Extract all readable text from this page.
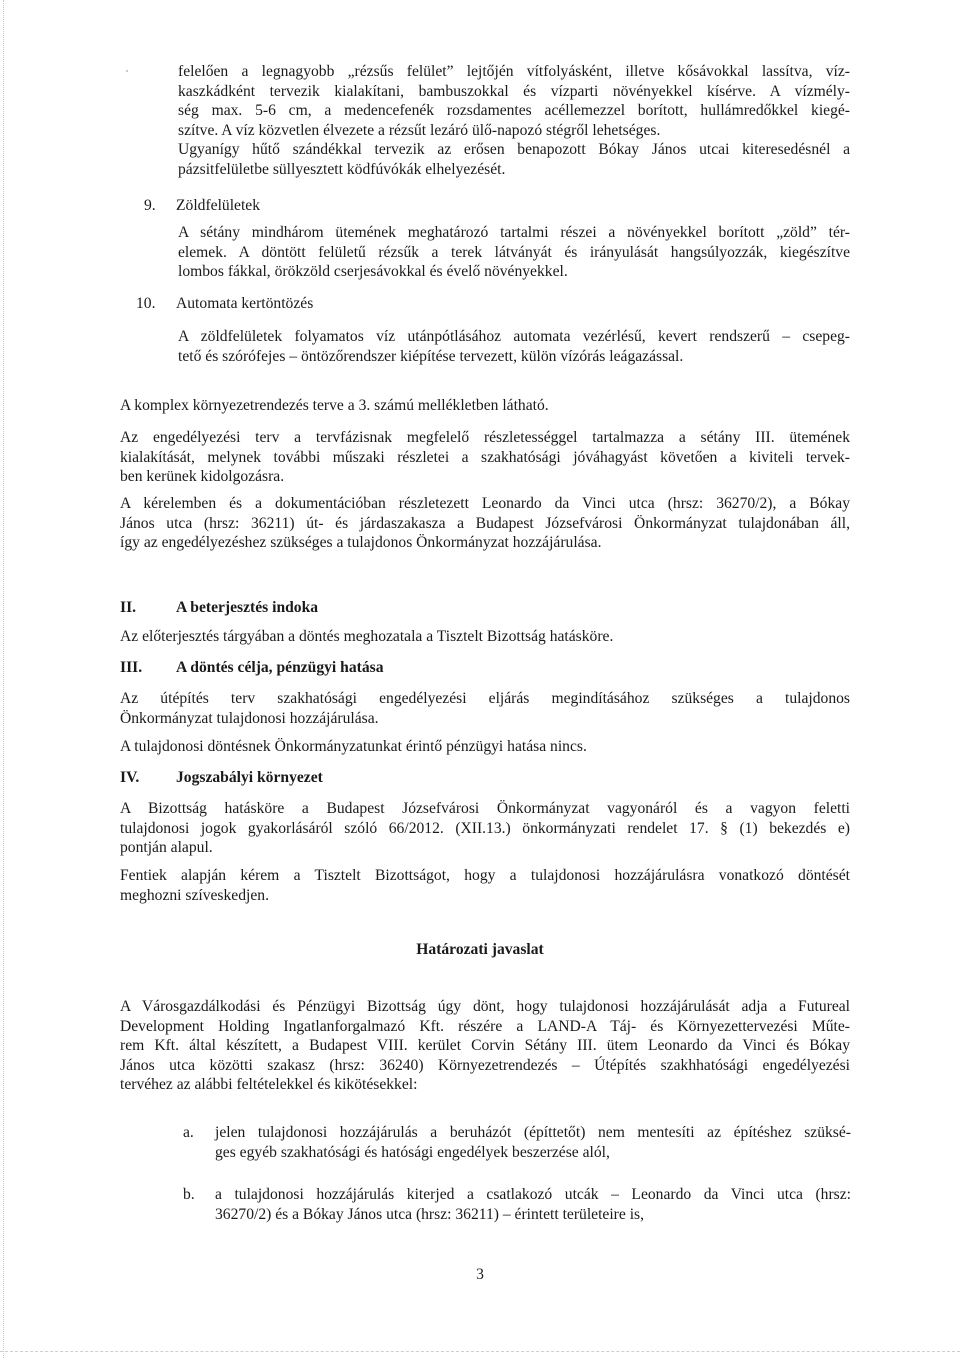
felelően a legnagyobb „rézsűs felület” lejtőjén vítfolyásként, illetve kősávokkal lassítva, víz-
kaszkádként tervezik kialakítani, bambuszokkal és vízparti növényekkel kísérve. A vízmély-
ség max. 5-6 cm, a medencefenék rozsdamentes acéllemezzel borított, hullámredőkkel kiegé-
szítve. A víz közvetlen élvezete a rézsűt lezáró ülő-napozó stégről lehetséges.
Ugyanígy hűtő szándékkal tervezik az erősen benapozott Bókay János utcai kiteresedésnél a
pázsitfelületbe süllyesztett ködfúvókák elhelyezését.
9. Zöldfelületek
A sétány mindhárom ütemének meghatározó tartalmi részei a növényekkel borított „zöld” tér-
elemek. A döntött felületű rézsűk a terek látványát és irányulását hangsúlyozzák, kiegészítve
lombos fákkal, örökzöld cserjesávokkal és évelő növényekkel.
10. Automata kertöntözés
A zöldfelületek folyamatos víz utánpótlásához automata vezérlésű, kevert rendszerű – csepeg-
tető és szórófejes – öntözőrendszer kiépítése tervezett, külön vízórás leágazással.
A komplex környezetrendezés terve a 3. számú mellékletben látható.
Az engedélyezési terv a tervfázisnak megfelelő részletességgel tartalmazza a sétány III. ütemének
kialakítását, melynek további műszaki részletei a szakhatósági jóváhagyást követően a kiviteli tervek-
ben kerünek kidolgozásra.
A kérelemben és a dokumentációban részletezett Leonardo da Vinci utca (hrsz: 36270/2), a Bókay
János utca (hrsz: 36211) út- és járdaszakasza a Budapest Józsefvárosi Önkormányzat tulajdonában áll,
így az engedélyezéshez szükséges a tulajdonos Önkormányzat hozzájárulása.
II.	A beterjesztés indoka
Az előterjesztés tárgyában a döntés meghozatala a Tisztelt Bizottság hatásköre.
III. A döntés célja, pénzügyi hatása
Az útépítés terv szakhatósági engedélyezési eljárás megindításához szükséges a tulajdonos
Önkormányzat tulajdonosi hozzájárulása.
A tulajdonosi döntésnek Önkormányzatunkat érintő pénzügyi hatása nincs.
IV. Jogszabályi környezet
A Bizottság hatásköre a Budapest Józsefvárosi Önkormányzat vagyonáról és a vagyon feletti
tulajdonosi jogok gyakorlásáról szóló 66/2012. (XII.13.) önkormányzati rendelet 17. § (1) bekezdés e)
pontján alapul.
Fentiek alapján kérem a Tisztelt Bizottságot, hogy a tulajdonosi hozzájárulásra vonatkozó döntését
meghozni szíveskedjen.
Határozati javaslat
A Városgazdálkodási és Pénzügyi Bizottság úgy dönt, hogy tulajdonosi hozzájárulását adja a Futureal
Development Holding Ingatlanforgalmazó Kft. részére a LAND-A Táj- és Környezettervezési Műte-
rem Kft. által készített, a Budapest VIII. kerület Corvin Sétány III. ütem Leonardo da Vinci és Bókay
János utca közötti szakasz (hrsz: 36240) Környezetrendezés – Útépítés szakhhatósági engedélyezési
tervéhez az alábbi feltételekkel és kikötésekkel:
a. jelen tulajdonosi hozzájárulás a beruházót (építtetőt) nem mentesíti az építéshez szüksé-
ges egyéb szakhatósági és hatósági engedélyek beszerzése alól,
b. a tulajdonosi hozzájárulás kiterjed a csatlakozó utcák – Leonardo da Vinci utca (hrsz:
36270/2) és a Bókay János utca (hrsz: 36211) – érintett területeire is,
3
